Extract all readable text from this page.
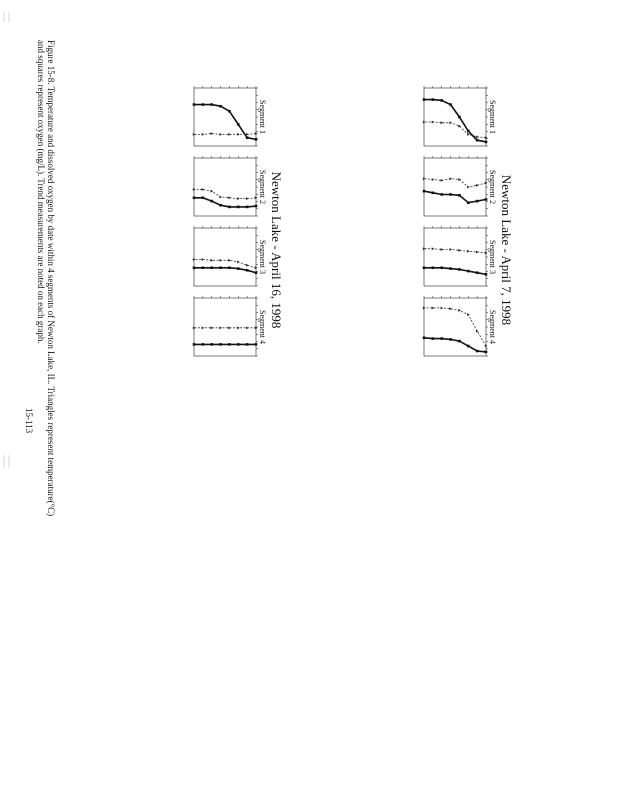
Newton Lake - April 7, 1998
Newton Lake - April 16, 1998
Segment 1
Segment 2
Segment 3
Segment 4
Segment 1
Segment 2
Segment 3
Segment 4
Figure 15-8. Temperature and dissolved oxygen by date within 4 segments of Newton Lake, IL. Triangles represent temperature(°C)
and squares represent oxygen (mg/L). Trend measurements are noted on each graph.
15-113
